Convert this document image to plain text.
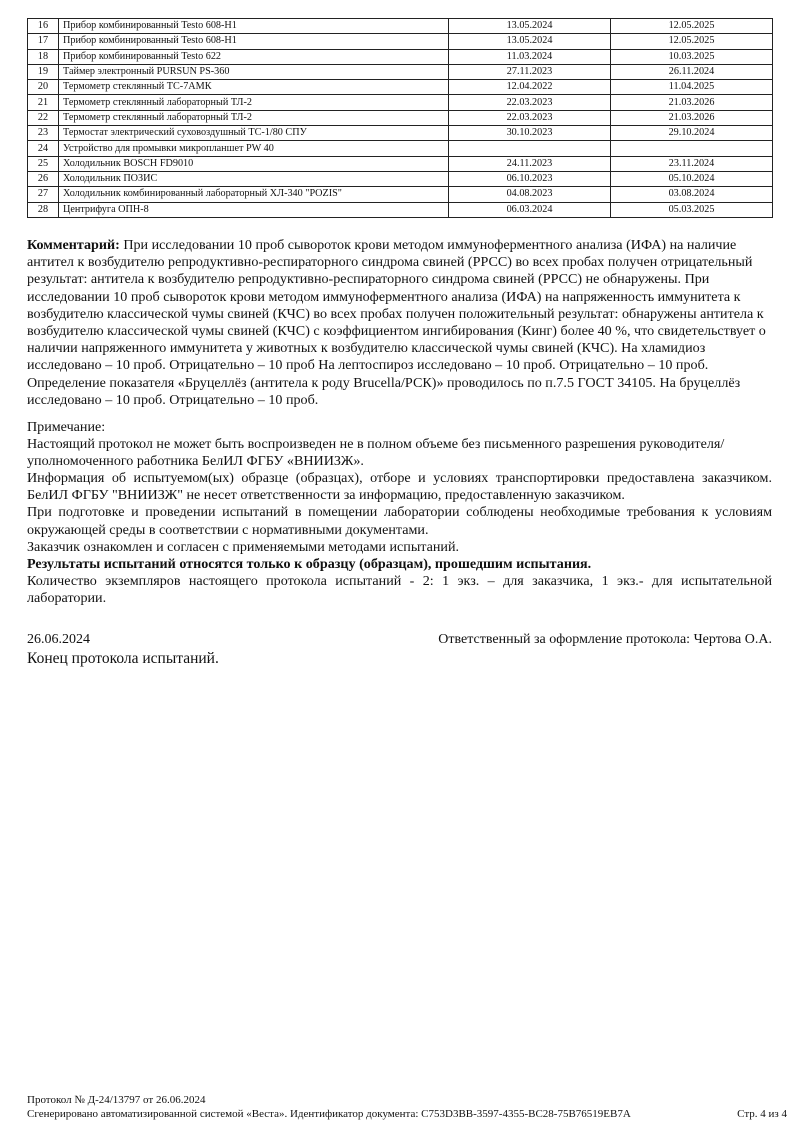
16	Прибор комбинированный Testo 608-H1	13.05.2024	12.05.2025
17	Прибор комбинированный Testo 608-H1	13.05.2024	12.05.2025
18	Прибор комбинированный Testo 622	11.03.2024	10.03.2025
19	Таймер электронный PURSUN PS-360	27.11.2023	26.11.2024
20	Термометр стеклянный ТС-7АМК	12.04.2022	11.04.2025
21	Термометр стеклянный лабораторный ТЛ-2	22.03.2023	21.03.2026
22	Термометр стеклянный лабораторный ТЛ-2	22.03.2023	21.03.2026
23	Термостат электрический суховоздушный ТС-1/80 СПУ	30.10.2023	29.10.2024
24	Устройство для промывки микропланшет PW 40		
25	Холодильник BOSCH FD9010	24.11.2023	23.11.2024
26	Холодильник ПОЗИС	06.10.2023	05.10.2024
27	Холодильник комбинированный лабораторный ХЛ-340 "POZIS"	04.08.2023	03.08.2024
28	Центрифуга ОПН-8	06.03.2024	05.03.2025
Комментарий: При исследовании 10 проб сывороток крови методом иммуноферментного анализа (ИФА) на наличие антител к возбудителю репродуктивно-респираторного синдрома свиней (РРСС) во всех пробах получен отрицательный результат: антитела к возбудителю репродуктивно-респираторного синдрома свиней (РРСС) не обнаружены. При исследовании 10 проб сывороток крови методом иммуноферментного анализа (ИФА) на напряженность иммунитета к возбудителю классической чумы свиней (КЧС) во всех пробах получен положительный результат: обнаружены антитела к возбудителю классической чумы свиней (КЧС) с коэффициентом ингибирования (Кинг) более 40 %, что свидетельствует о наличии напряженного иммунитета у животных к возбудителю классической чумы свиней (КЧС). На хламидиоз исследовано – 10 проб. Отрицательно – 10 проб На лептоспироз исследовано – 10 проб. Отрицательно – 10 проб. Определение показателя «Бруцеллёз (антитела к роду Brucella/РСК)» проводилось по п.7.5 ГОСТ 34105. На бруцеллёз исследовано – 10 проб. Отрицательно – 10 проб.

Примечание:

Настоящий протокол не может быть воспроизведен не в полном объеме без письменного разрешения руководителя/уполномоченного работника БелИЛ ФГБУ «ВНИИЗЖ».

Информация об испытуемом(ых) образце (образцах), отборе и условиях транспортировки предоставлена заказчиком. БелИЛ ФГБУ "ВНИИЗЖ" не несет ответственности за информацию, предоставленную заказчиком.

При подготовке и проведении испытаний в помещении лаборатории соблюдены необходимые требования к условиям окружающей среды в соответствии с нормативными документами.

Заказчик ознакомлен и согласен с применяемыми методами испытаний.

Результаты испытаний относятся только к образцу (образцам), прошедшим испытания.

Количество экземпляров настоящего протокола испытаний - 2: 1 экз. – для заказчика, 1 экз.- для испытательной лаборатории.

26.06.2024	Ответственный за оформление протокола: Чертова О.А.
Конец протокола испытаний.
Протокол № Д-24/13797 от 26.06.2024
Сгенерировано автоматизированной системой «Веста». Идентификатор документа: C753D3BB-3597-4355-BC28-75B76519EB7A	Стр. 4 из 4
